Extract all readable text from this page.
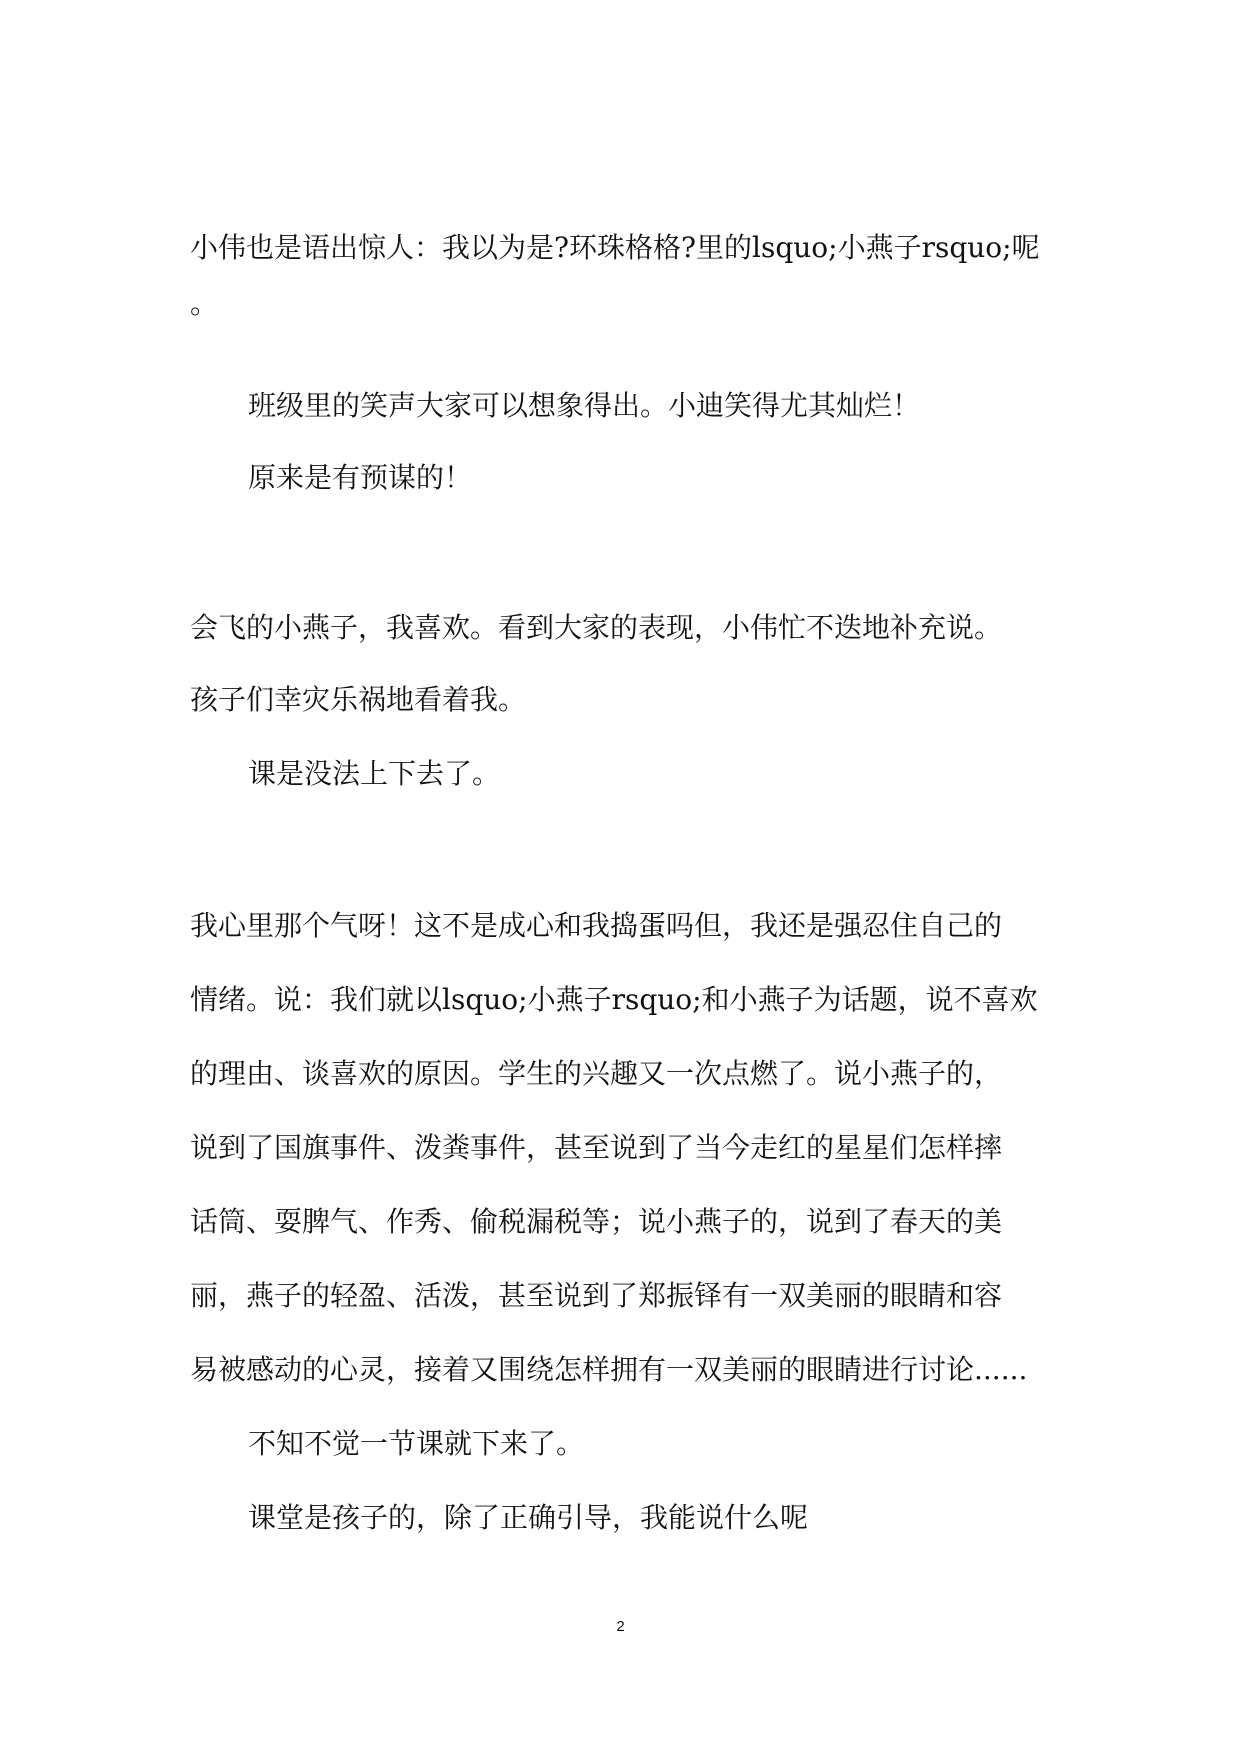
小伟也是语出惊人：我以为是?环珠格格?里的lsquo;小燕子rsquo;呢
。
班级里的笑声大家可以想象得出。小迪笑得尤其灿烂！
原来是有预谋的！
会飞的小燕子，我喜欢。看到大家的表现，小伟忙不迭地补充说。
孩子们幸灾乐祸地看着我。
课是没法上下去了。
我心里那个气呀！这不是成心和我捣蛋吗但，我还是强忍住自己的
情绪。说：我们就以lsquo;小燕子rsquo;和小燕子为话题，说不喜欢
的理由、谈喜欢的原因。学生的兴趣又一次点燃了。说小燕子的，
说到了国旗事件、泼粪事件，甚至说到了当今走红的星星们怎样摔
话筒、耍脾气、作秀、偷税漏税等；说小燕子的，说到了春天的美
丽，燕子的轻盈、活泼，甚至说到了郑振铎有一双美丽的眼睛和容
易被感动的心灵，接着又围绕怎样拥有一双美丽的眼睛进行讨论......
不知不觉一节课就下来了。
课堂是孩子的，除了正确引导，我能说什么呢
2
